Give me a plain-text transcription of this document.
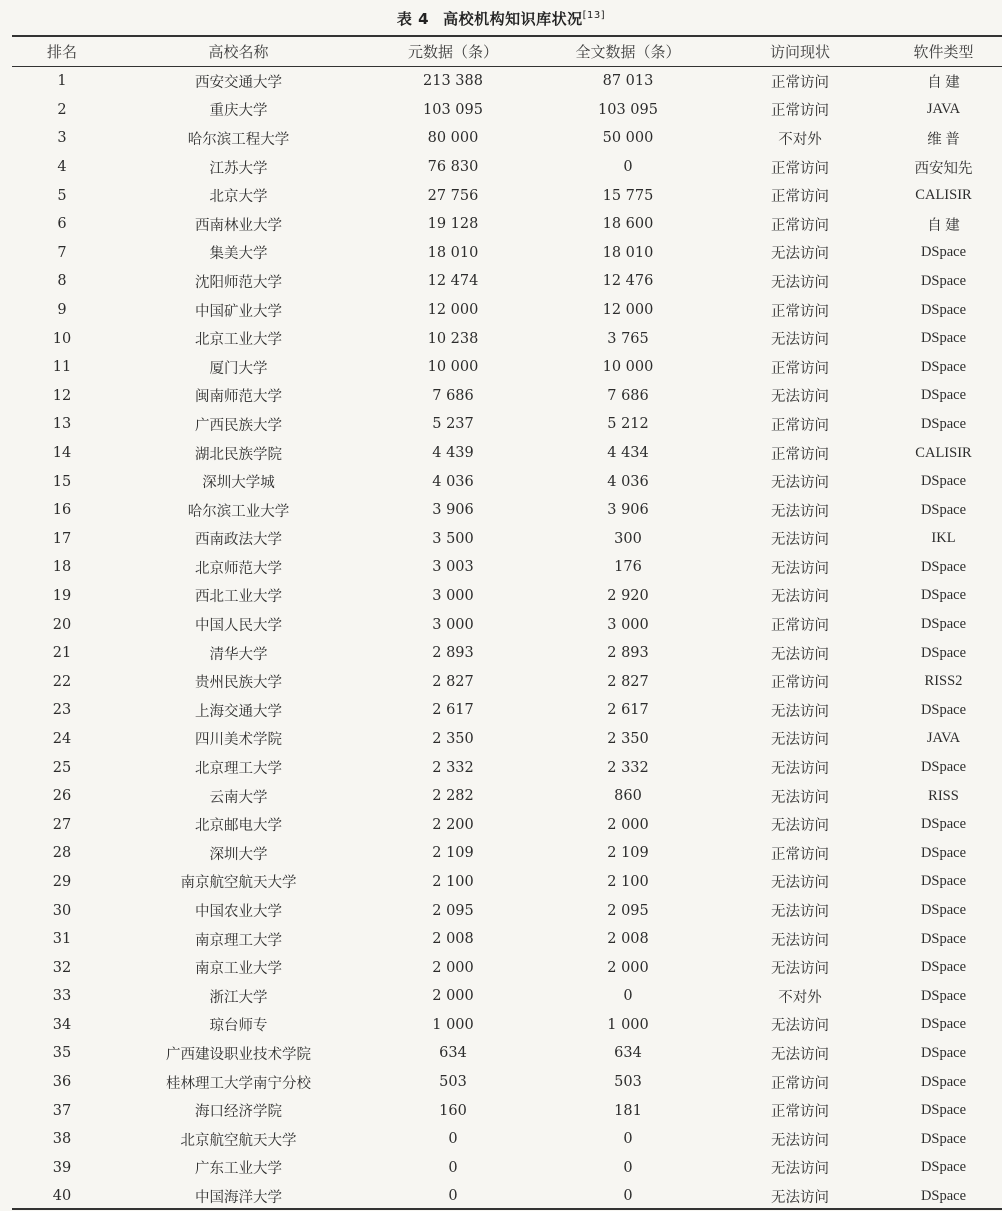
表 4 高校机构知识库状况[13]
排名	高校名称	元数据（条）	全文数据（条）	访问现状	软件类型
1	西安交通大学	213 388	87 013	正常访问	自 建
2	重庆大学	103 095	103 095	正常访问	JAVA
3	哈尔滨工程大学	80 000	50 000	不对外	维 普
4	江苏大学	76 830	0	正常访问	西安知先
5	北京大学	27 756	15 775	正常访问	CALISIR
6	西南林业大学	19 128	18 600	正常访问	自 建
7	集美大学	18 010	18 010	无法访问	DSpace
8	沈阳师范大学	12 474	12 476	无法访问	DSpace
9	中国矿业大学	12 000	12 000	正常访问	DSpace
10	北京工业大学	10 238	3 765	无法访问	DSpace
11	厦门大学	10 000	10 000	正常访问	DSpace
12	闽南师范大学	7 686	7 686	无法访问	DSpace
13	广西民族大学	5 237	5 212	正常访问	DSpace
14	湖北民族学院	4 439	4 434	正常访问	CALISIR
15	深圳大学城	4 036	4 036	无法访问	DSpace
16	哈尔滨工业大学	3 906	3 906	无法访问	DSpace
17	西南政法大学	3 500	300	无法访问	IKL
18	北京师范大学	3 003	176	无法访问	DSpace
19	西北工业大学	3 000	2 920	无法访问	DSpace
20	中国人民大学	3 000	3 000	正常访问	DSpace
21	清华大学	2 893	2 893	无法访问	DSpace
22	贵州民族大学	2 827	2 827	正常访问	RISS2
23	上海交通大学	2 617	2 617	无法访问	DSpace
24	四川美术学院	2 350	2 350	无法访问	JAVA
25	北京理工大学	2 332	2 332	无法访问	DSpace
26	云南大学	2 282	860	无法访问	RISS
27	北京邮电大学	2 200	2 000	无法访问	DSpace
28	深圳大学	2 109	2 109	正常访问	DSpace
29	南京航空航天大学	2 100	2 100	无法访问	DSpace
30	中国农业大学	2 095	2 095	无法访问	DSpace
31	南京理工大学	2 008	2 008	无法访问	DSpace
32	南京工业大学	2 000	2 000	无法访问	DSpace
33	浙江大学	2 000	0	不对外	DSpace
34	琼台师专	1 000	1 000	无法访问	DSpace
35	广西建设职业技术学院	634	634	无法访问	DSpace
36	桂林理工大学南宁分校	503	503	正常访问	DSpace
37	海口经济学院	160	181	正常访问	DSpace
38	北京航空航天大学	0	0	无法访问	DSpace
39	广东工业大学	0	0	无法访问	DSpace
40	中国海洋大学	0	0	无法访问	DSpace
